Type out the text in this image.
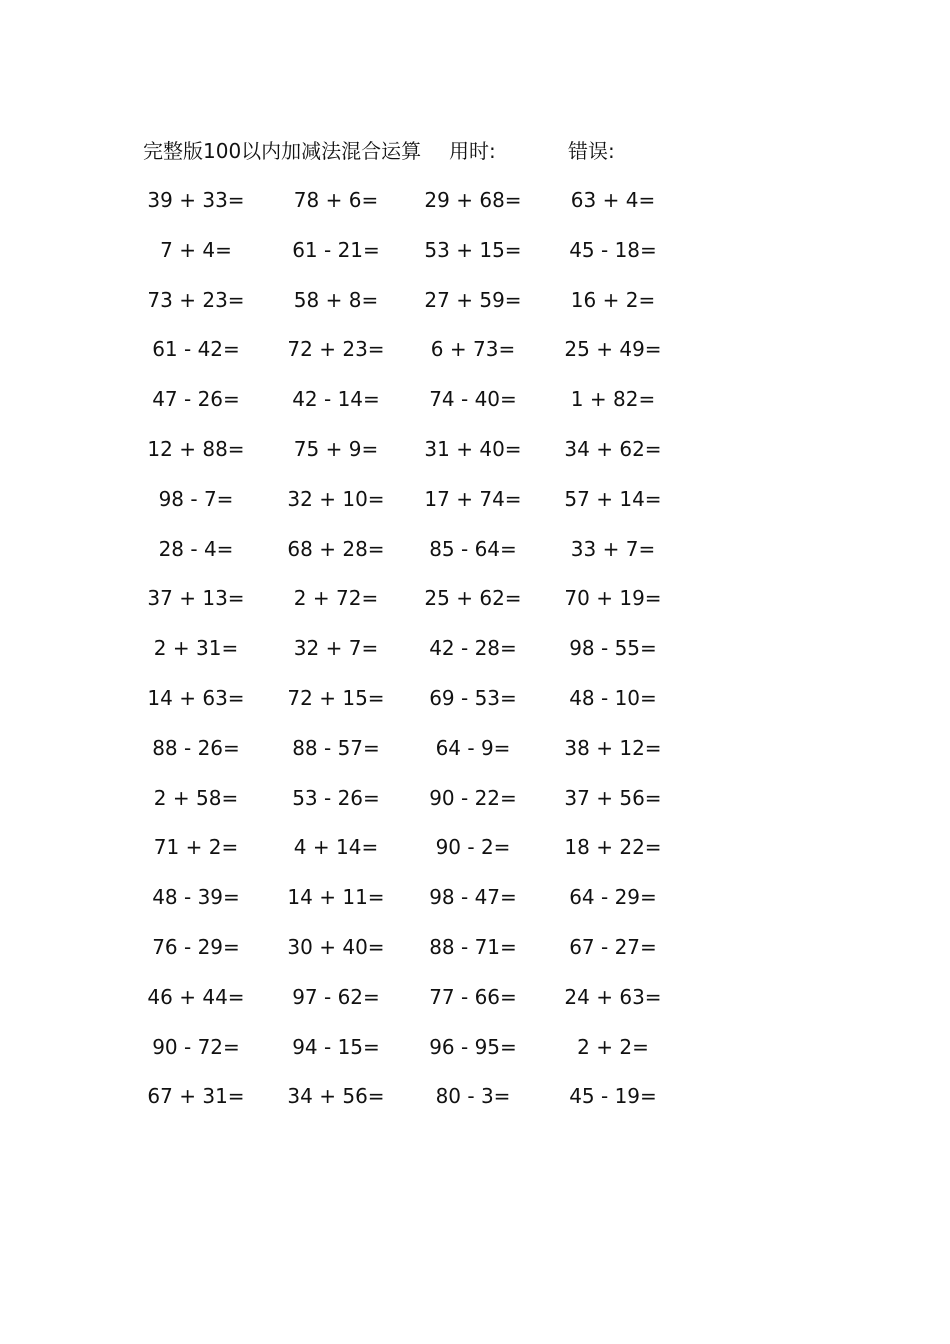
完整版100以内加减法混合运算 用时:	错误:
39 + 33=	78 + 6=	29 + 68=	63 + 4=
7 + 4=	61 - 21=	53 + 15=	45 - 18=
73 + 23=	58 + 8=	27 + 59=	16 + 2=
61 - 42=	72 + 23=	6 + 73=	25 + 49=
47 - 26=	42 - 14=	74 - 40=	1 + 82=
12 + 88=	75 + 9=	31 + 40=	34 + 62=
98 - 7=	32 + 10=	17 + 74=	57 + 14=
28 - 4=	68 + 28=	85 - 64=	33 + 7=
37 + 13=	2 + 72=	25 + 62=	70 + 19=
2 + 31=	32 + 7=	42 - 28=	98 - 55=
14 + 63=	72 + 15=	69 - 53=	48 - 10=
88 - 26=	88 - 57=	64 - 9=	38 + 12=
2 + 58=	53 - 26=	90 - 22=	37 + 56=
71 + 2=	4 + 14=	90 - 2=	18 + 22=
48 - 39=	14 + 11=	98 - 47=	64 - 29=
76 - 29=	30 + 40=	88 - 71=	67 - 27=
46 + 44=	97 - 62=	77 - 66=	24 + 63=
90 - 72=	94 - 15=	96 - 95=	2 + 2=
67 + 31=	34 + 56=	80 - 3=	45 - 19=
